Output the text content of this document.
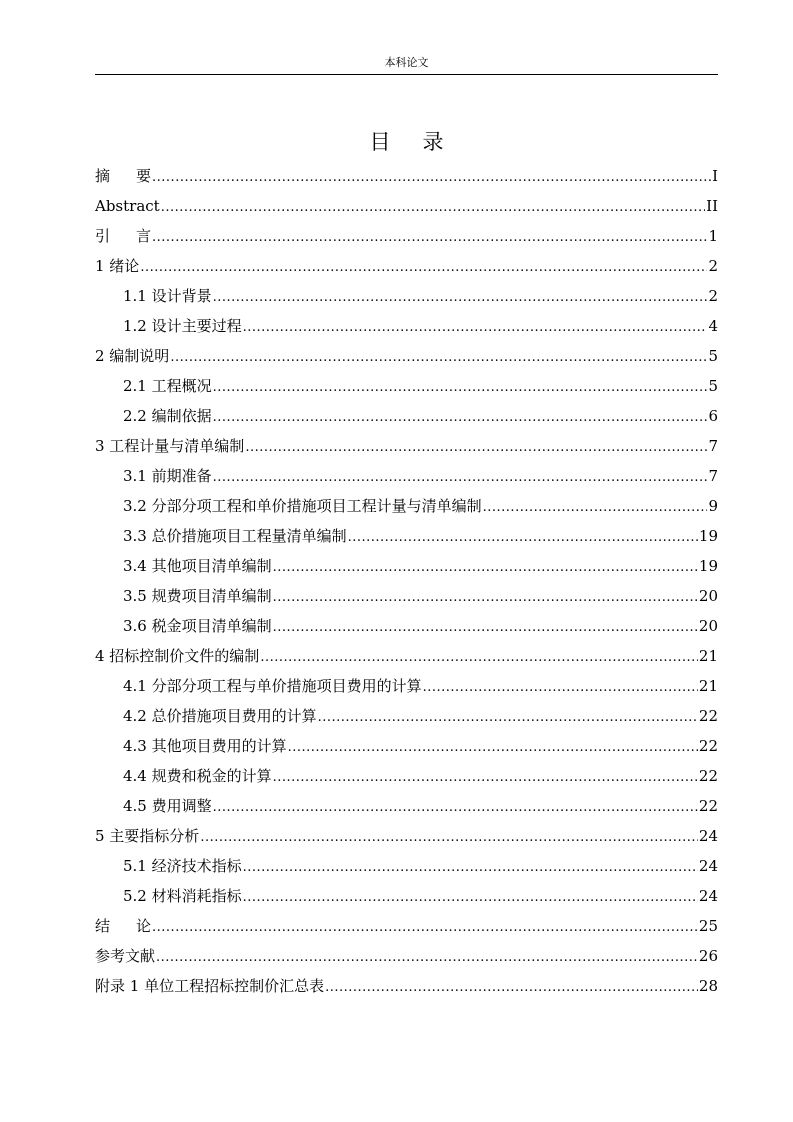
本科论文
目录
摘要 .....	I
Abstract .....	II
引言 .....	1
1 绪论 .....	2
1.1 设计背景 .....	2
1.2 设计主要过程 .....	4
2 编制说明 .....	5
2.1 工程概况 .....	5
2.2 编制依据 .....	6
3 工程计量与清单编制 .....	7
3.1 前期准备 .....	7
3.2 分部分项工程和单价措施项目工程计量与清单编制 .....	9
3.3 总价措施项目工程量清单编制 .....	19
3.4 其他项目清单编制 .....	19
3.5 规费项目清单编制 .....	20
3.6 税金项目清单编制 .....	20
4 招标控制价文件的编制 .....	21
4.1 分部分项工程与单价措施项目费用的计算 .....	21
4.2 总价措施项目费用的计算 .....	22
4.3 其他项目费用的计算 .....	22
4.4 规费和税金的计算 .....	22
4.5 费用调整 .....	22
5 主要指标分析 .....	24
5.1 经济技术指标 .....	24
5.2 材料消耗指标 .....	24
结论 .....	25
参考文献 .....	26
附录 1 单位工程招标控制价汇总表 .....	28
